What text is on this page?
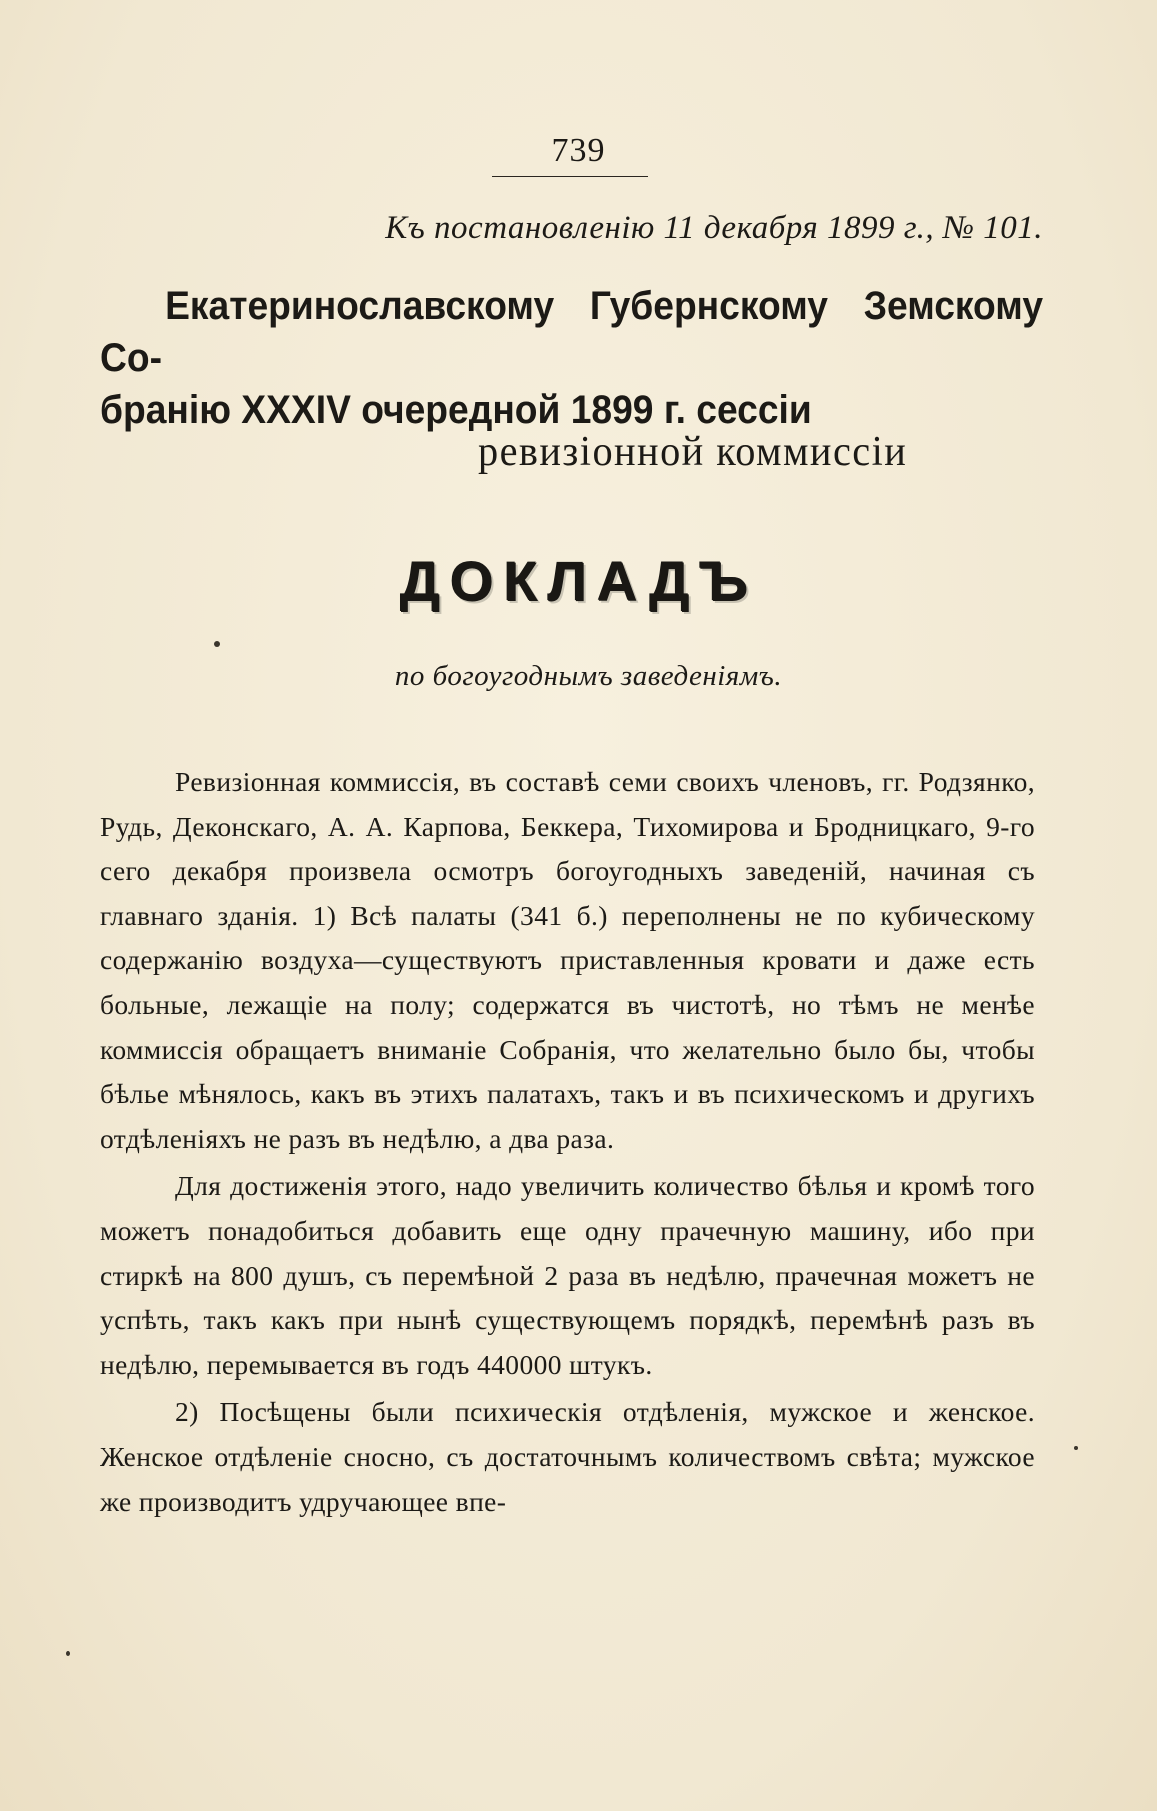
739
Къ постановленію 11 декабря 1899 г., № 101.
Екатеринославскому Губернскому Земскому Со-
бранію XXXIV очередной 1899 г. сессіи
ревизіонной коммиссіи
ДОКЛАДЪ
по богоугоднымъ заведеніямъ.

Ревизіонная коммиссія, въ составѣ семи своихъ членовъ, гг. Родзянко, Рудь, Деконскаго, А. А. Карпова, Беккера, Тихомирова и Бродницкаго, 9-го сего декабря произвела осмотръ богоугодныхъ заведеній, начиная съ главнаго зданія. 1) Всѣ палаты (341 б.) переполнены не по кубическому содержанію воздуха—существуютъ приставленныя кровати и даже есть больные, лежащіе на полу; содержатся въ чистотѣ, но тѣмъ не менѣе коммиссія обращаетъ вниманіе Собранія, что желательно было бы, чтобы бѣлье мѣнялось, какъ въ этихъ палатахъ, такъ и въ психическомъ и другихъ отдѣленіяхъ не разъ въ недѣлю, а два раза.

Для достиженія этого, надо увеличить количество бѣлья и кромѣ того можетъ понадобиться добавить еще одну прачечную машину, ибо при стиркѣ на 800 душъ, съ перемѣной 2 раза въ недѣлю, прачечная можетъ не успѣть, такъ какъ при нынѣ существующемъ порядкѣ, перемѣнѣ разъ въ недѣлю, перемывается въ годъ 440000 штукъ.

2) Посѣщены были психическія отдѣленія, мужское и женское. Женское отдѣленіе сносно, съ достаточнымъ количествомъ свѣта; мужское же производитъ удручающее впе-
